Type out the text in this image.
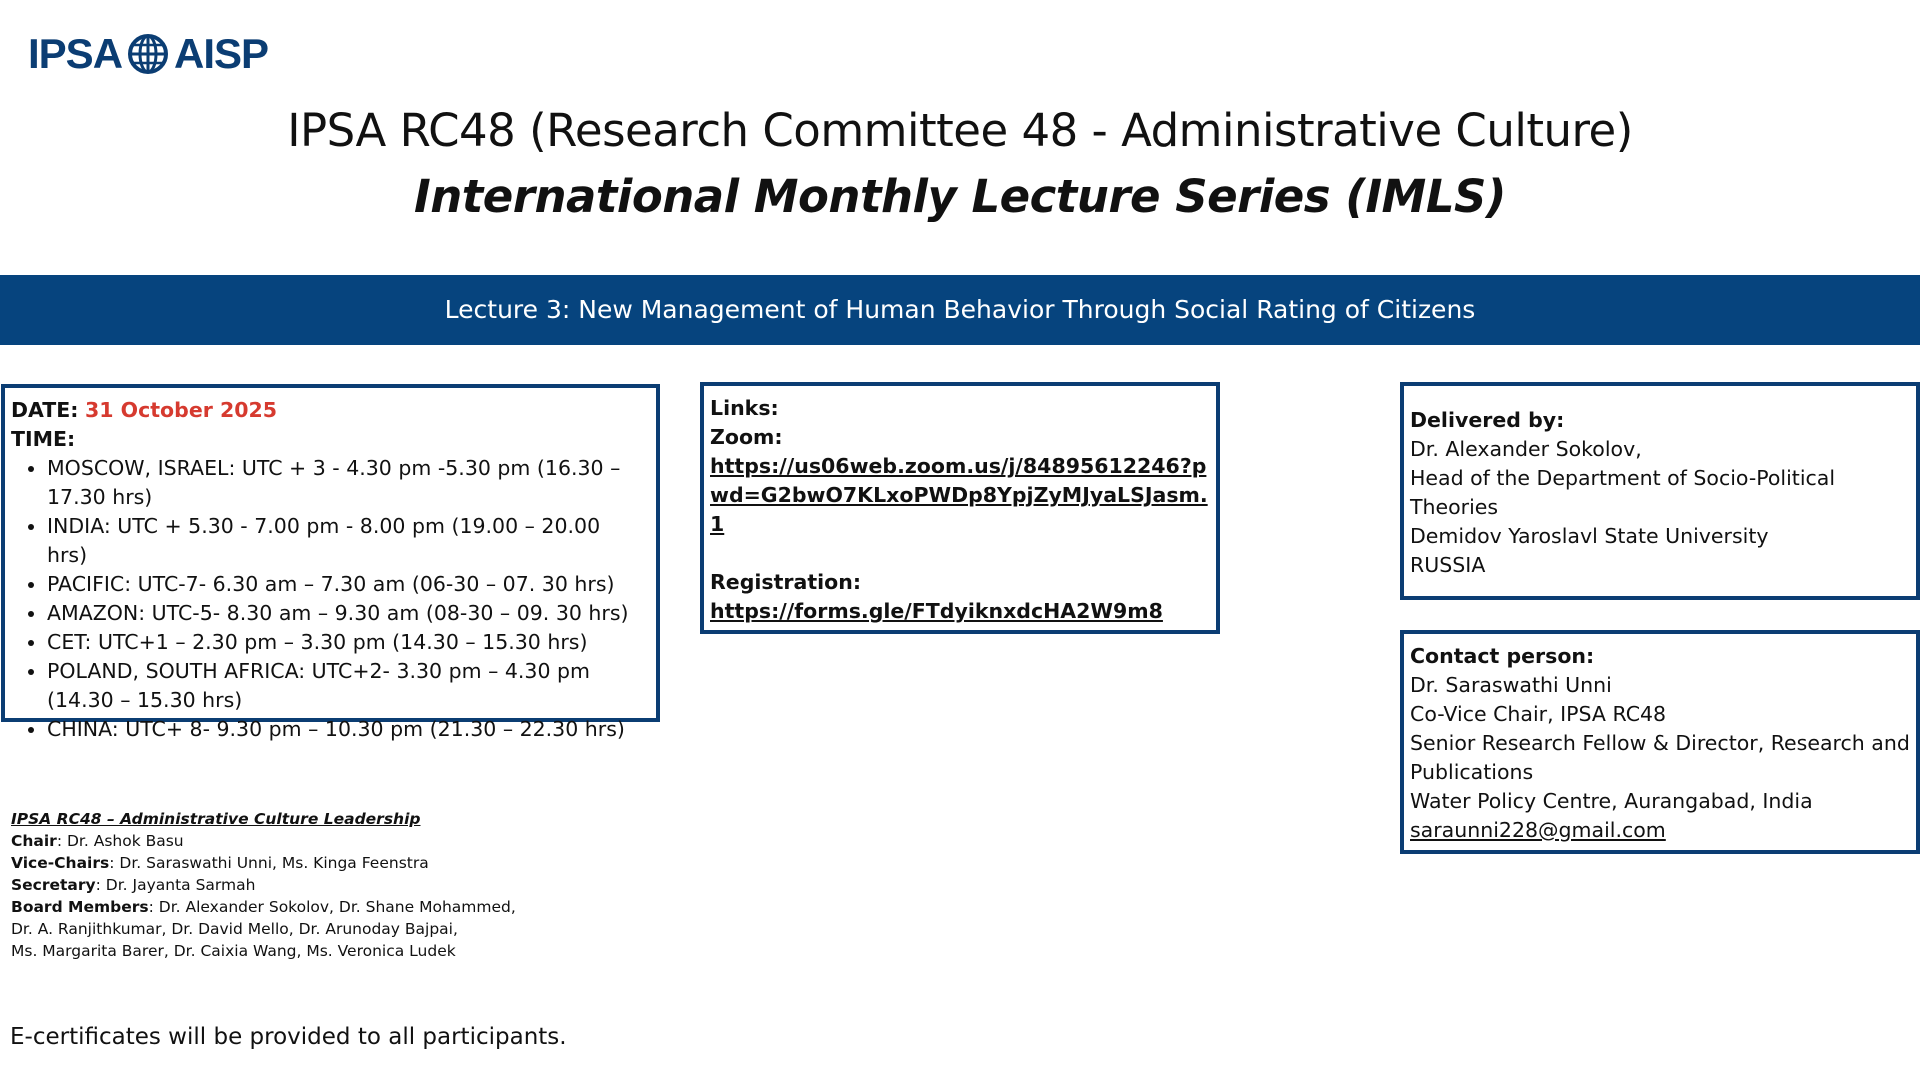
IPSA AISP
IPSA RC48 (Research Committee 48 - Administrative Culture)
International Monthly Lecture Series (IMLS)
Lecture 3: New Management of Human Behavior Through Social Rating of Citizens
DATE: 31 October 2025
TIME:
• MOSCOW, ISRAEL: UTC + 3 - 4.30 pm -5.30 pm (16.30 – 17.30 hrs)
• INDIA: UTC + 5.30 - 7.00 pm - 8.00 pm (19.00 – 20.00 hrs)
• PACIFIC: UTC-7- 6.30 am – 7.30 am (06-30 – 07. 30 hrs)
• AMAZON: UTC-5- 8.30 am – 9.30 am (08-30 – 09. 30 hrs)
• CET: UTC+1 – 2.30 pm – 3.30 pm (14.30 – 15.30 hrs)
• POLAND, SOUTH AFRICA: UTC+2- 3.30 pm – 4.30 pm (14.30 – 15.30 hrs)
• CHINA: UTC+ 8- 9.30 pm – 10.30 pm (21.30 – 22.30 hrs)
Links:
Zoom:
https://us06web.zoom.us/j/84895612246?pwd=G2bwO7KLxoPWDp8YpjZyMJyaLSJasm.1
Registration:
https://forms.gle/FTdyiknxdcHA2W9m8
Delivered by:
Dr. Alexander Sokolov,
Head of the Department of Socio-Political Theories
Demidov Yaroslavl State University
RUSSIA
Contact person:
Dr. Saraswathi Unni
Co-Vice Chair, IPSA RC48
Senior Research Fellow & Director, Research and Publications
Water Policy Centre, Aurangabad, India
saraunni228@gmail.com
IPSA RC48 – Administrative Culture Leadership
Chair: Dr. Ashok Basu
Vice-Chairs: Dr. Saraswathi Unni, Ms. Kinga Feenstra
Secretary: Dr. Jayanta Sarmah
Board Members: Dr. Alexander Sokolov, Dr. Shane Mohammed,
Dr. A. Ranjithkumar, Dr. David Mello, Dr. Arunoday Bajpai,
Ms. Margarita Barer, Dr. Caixia Wang, Ms. Veronica Ludek
E-certificates will be provided to all participants.
